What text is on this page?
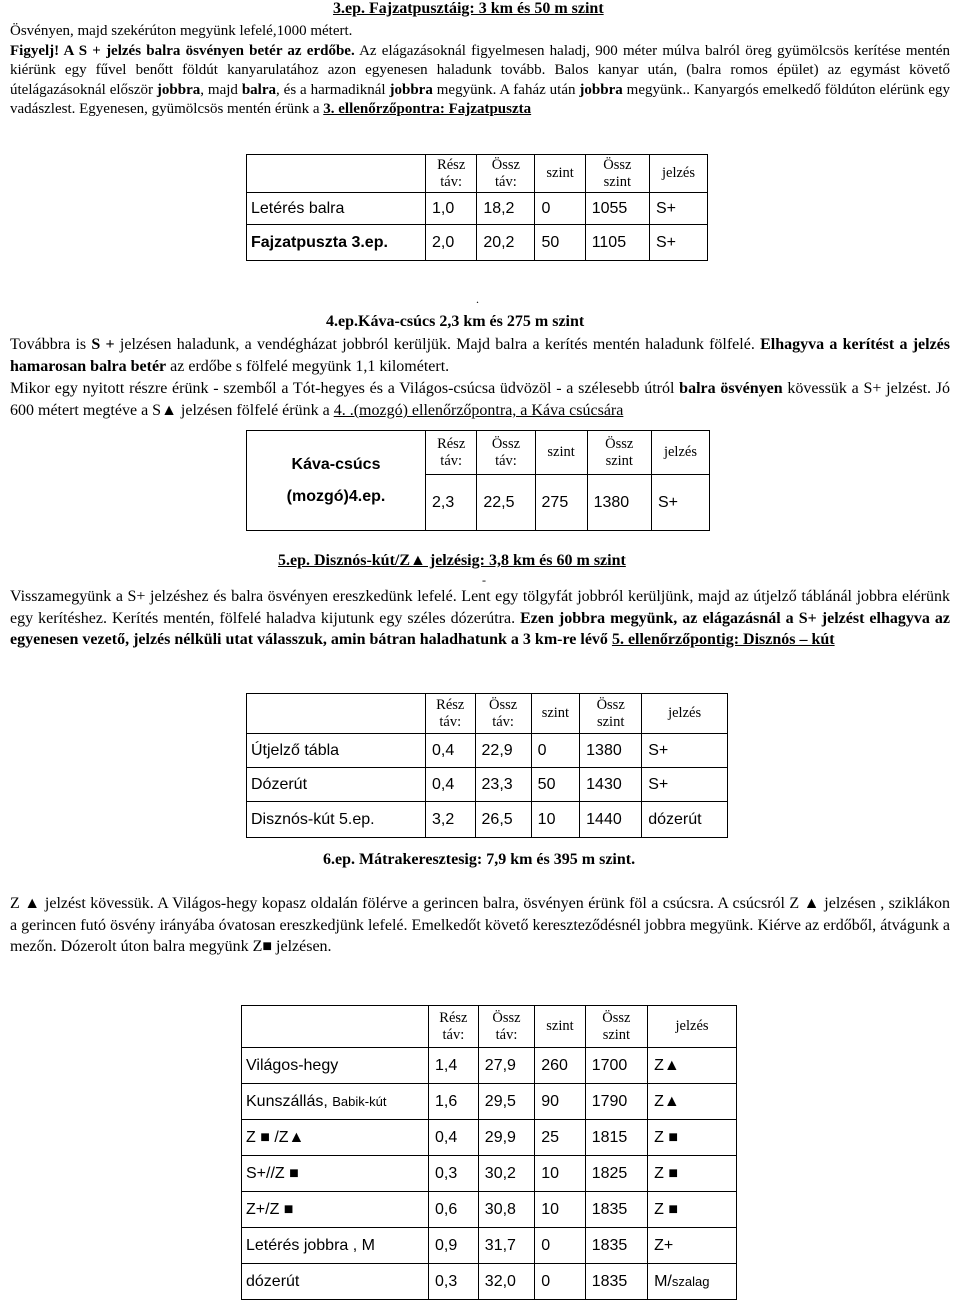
3.ep. Fajzatpusztáig: 3 km és 50 m szint

Ösvényen, majd szekérúton megyünk lefelé,1000 métert.
Figyelj! A S + jelzés balra ösvényen betér az erdőbe. Az elágazásoknál figyelmesen haladj, 900 méter múlva balról öreg gyümölcsös kerítése mentén kiérünk egy fűvel benőtt földút kanyarulatához azon egyenesen haladunk tovább. Balos kanyar után, (balra romos épület) az egymást követő útelágazásoknál először jobbra, majd balra, és a harmadiknál jobbra megyünk. A faház után jobbra megyünk.. Kanyargós emelkedő földúton elérünk egy vadászlest. Egyenesen, gyümölcsös mentén érünk a 3. ellenőrzőpontra: Fajzatpuszta

	Rész
táv:	Össz
táv:	szint	Össz
szint	jelzés
Letérés balra	1,0	18,2	0	1055	S+
Fajzatpuszta 3.ep.	2,0	20,2	50	1105	S+
.
4.ep.Káva-csúcs 2,3 km és 275 m szint

Továbbra is S + jelzésen haladunk, a vendégházat jobbról kerüljük. Majd balra a kerítés mentén haladunk fölfelé. Elhagyva a kerítést a jelzés hamarosan balra betér az erdőbe s fölfelé megyünk 1,1 kilométert.
Mikor egy nyitott részre érünk - szemből a Tót-hegyes és a Világos-csúcsa üdvözöl - a szélesebb útról balra ösvényen kövessük a S+ jelzést. Jó 600 métert megtéve a S▲ jelzésen fölfelé érünk a 4. .(mozgó) ellenőrzőpontra, a Káva csúcsára

Káva-csúcs
(mozgó)4.ep.	Rész
táv:	Össz
táv:	szint	Össz
szint	jelzés
	2,3	22,5	275	1380	S+
5.ep. Disznós-kút/Z▲ jelzésig: 3,8 km és 60 m szint
-

Visszamegyünk a S+ jelzéshez és balra ösvényen ereszkedünk lefelé. Lent egy tölgyfát jobbról kerüljünk, majd az útjelző táblánál jobbra elérünk egy kerítéshez. Kerítés mentén, fölfelé haladva kijutunk egy széles dózerútra. Ezen jobbra megyünk, az elágazásnál a S+ jelzést elhagyva az egyenesen vezető, jelzés nélküli utat válasszuk, amin bátran haladhatunk a 3 km-re lévő 5. ellenőrzőpontig: Disznós – kút

	Rész
táv:	Össz
táv:	szint	Össz
szint	jelzés
Útjelző tábla	0,4	22,9	0	1380	S+
Dózerút	0,4	23,3	50	1430	S+
Disznós-kút 5.ep.	3,2	26,5	10	1440	dózerút
6.ep. Mátrakeresztesig: 7,9 km és 395 m szint.

Z ▲ jelzést kövessük. A Világos-hegy kopasz oldalán fölérve a gerincen balra, ösvényen érünk föl a csúcsra. A csúcsról Z ▲ jelzésen , sziklákon a gerincen futó ösvény irányába óvatosan ereszkedjünk lefelé. Emelkedőt követő kereszteződésnél jobbra megyünk. Kiérve az erdőből, átvágunk a mezőn. Dózerolt úton balra megyünk Z■ jelzésen.

	Rész
táv:	Össz
táv:	szint	Össz
szint	jelzés
Világos-hegy	1,4	27,9	260	1700	Z▲
Kunszállás, Babik-kút	1,6	29,5	90	1790	Z▲
Z ■ /Z▲	0,4	29,9	25	1815	Z ■
S+//Z ■	0,3	30,2	10	1825	Z ■
Z+/Z ■	0,6	30,8	10	1835	Z ■
Letérés jobbra , M	0,9	31,7	0	1835	Z+
dózerút	0,3	32,0	0	1835	M/szalag
